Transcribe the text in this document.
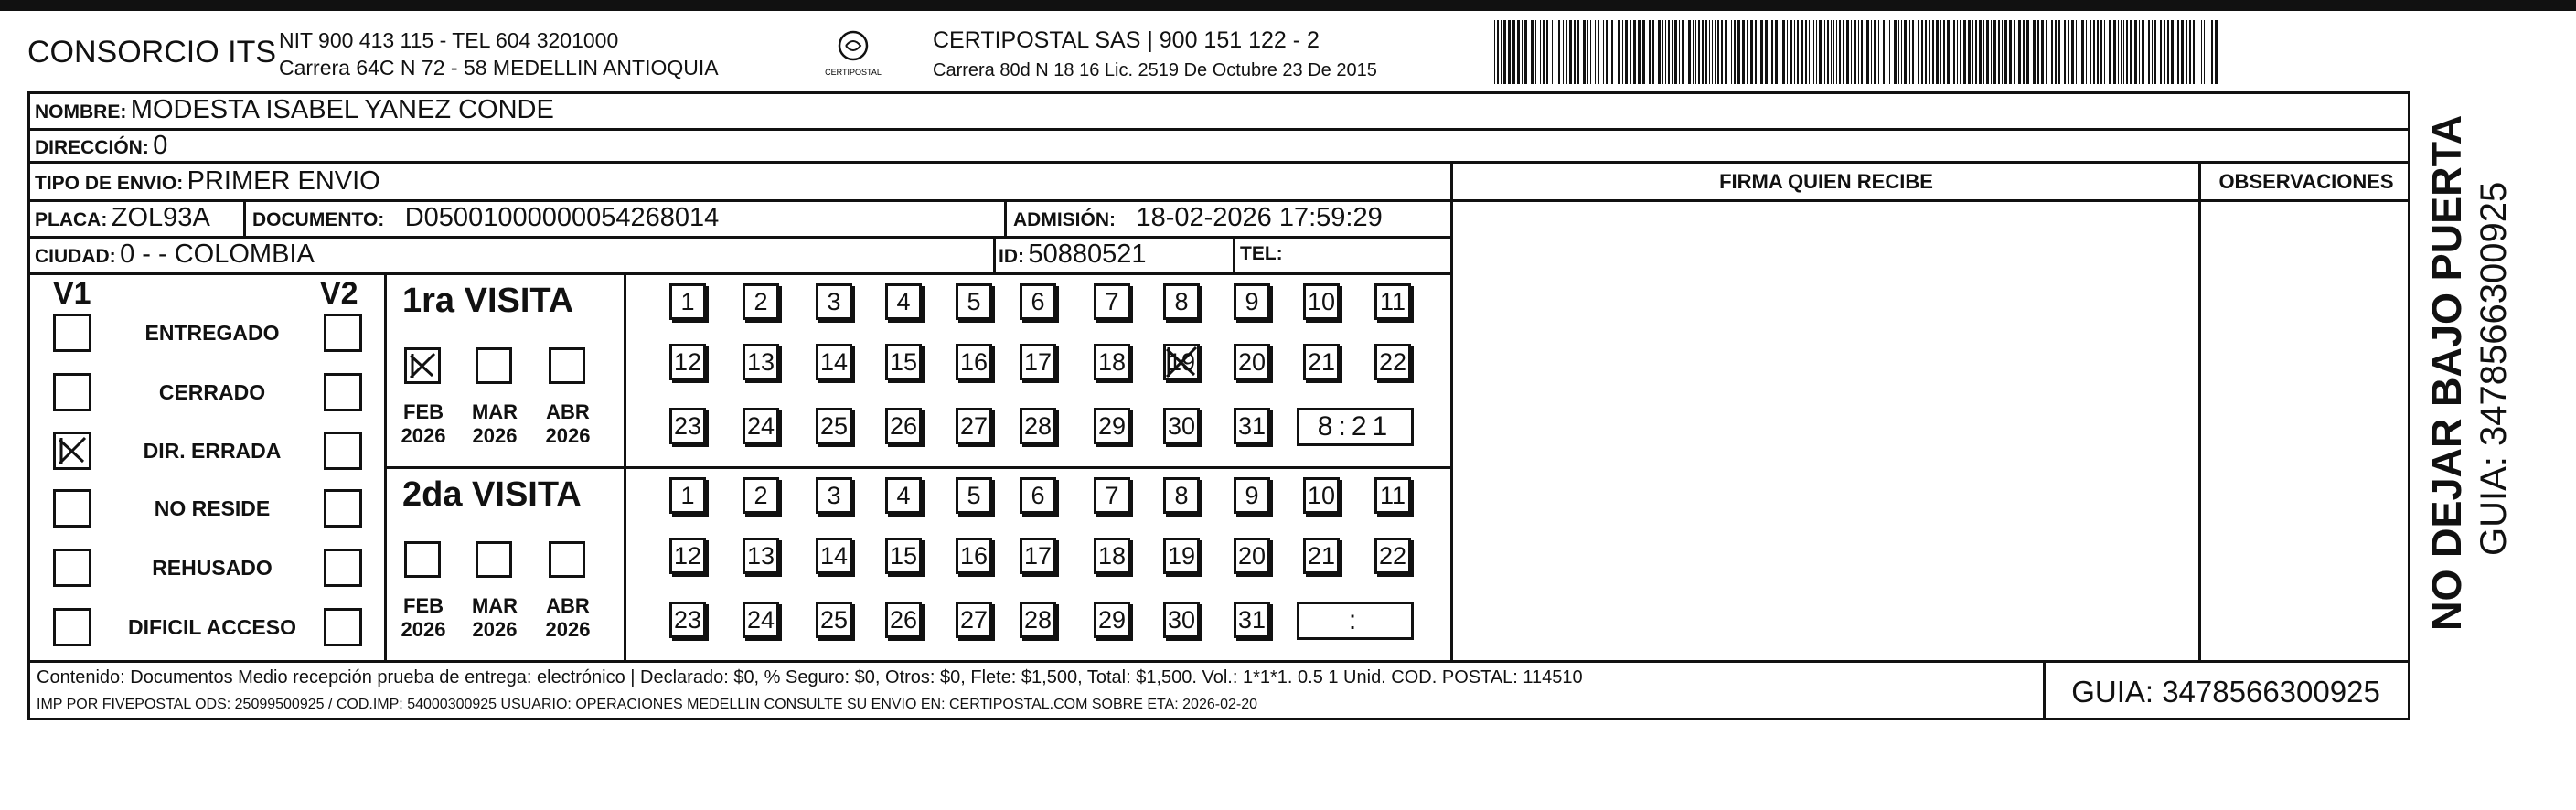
CONSORCIO ITS NIT 900 413 115 - TEL 604 3201000
Carrera 64C N 72 - 58 MEDELLIN ANTIOQUIA	CERTIPOSTAL
CERTIPOSTAL SAS | 900 151 122 - 2
Carrera 80d N 18 16 Lic. 2519 De Octubre 23 De 2015
NOMBRE: MODESTA ISABEL YANEZ CONDE
DIRECCIÓN: 0
TIPO DE ENVIO: PRIMER ENVIO
PLACA: ZOL93A DOCUMENTO: D05001000000054268014	ADMISIÓN: 18-02-2026 17:59:29
CIUDAD: 0 - - COLOMBIA	ID: 50880521	TEL:
FIRMA QUIEN RECIBE	OBSERVACIONES
V1	V2
ENTREGADO
CERRADO
DIR. ERRADA
NO RESIDE
REHUSADO
DIFICIL ACCESO
1ra VISITA
FEB
2026
MAR
2026
ABR
2026
1	2	3	4	5	6	7	8	9	10 11
12 13 14 15 16 17 18 19 20 21 22
23 24 25 26 27 28 29 30 31	8:21
2da VISITA
FEB
2026
MAR
2026
ABR
2026
1	2	3	4	5	6	7	8	9	10 11
12 13 14 15 16 17 18 19 20 21 22
23 24 25 26 27 28 29 30 31	:
Contenido: Documentos Medio recepción prueba de entrega: electrónico | Declarado: $0, % Seguro: $0, Otros: $0, Flete: $1,500, Total: $1,500. Vol.: 1*1*1. 0.5 1 Unid. COD. POSTAL: 114510
IMP POR FIVEPOSTAL ODS: 25099500925 / COD.IMP: 54000300925 USUARIO: OPERACIONES MEDELLIN CONSULTE SU ENVIO EN: CERTIPOSTAL.COM SOBRE ETA: 2026-02-20	GUIA: 3478566300925
NO DEJAR BAJO PUERTA GUIA: 3478566300925
